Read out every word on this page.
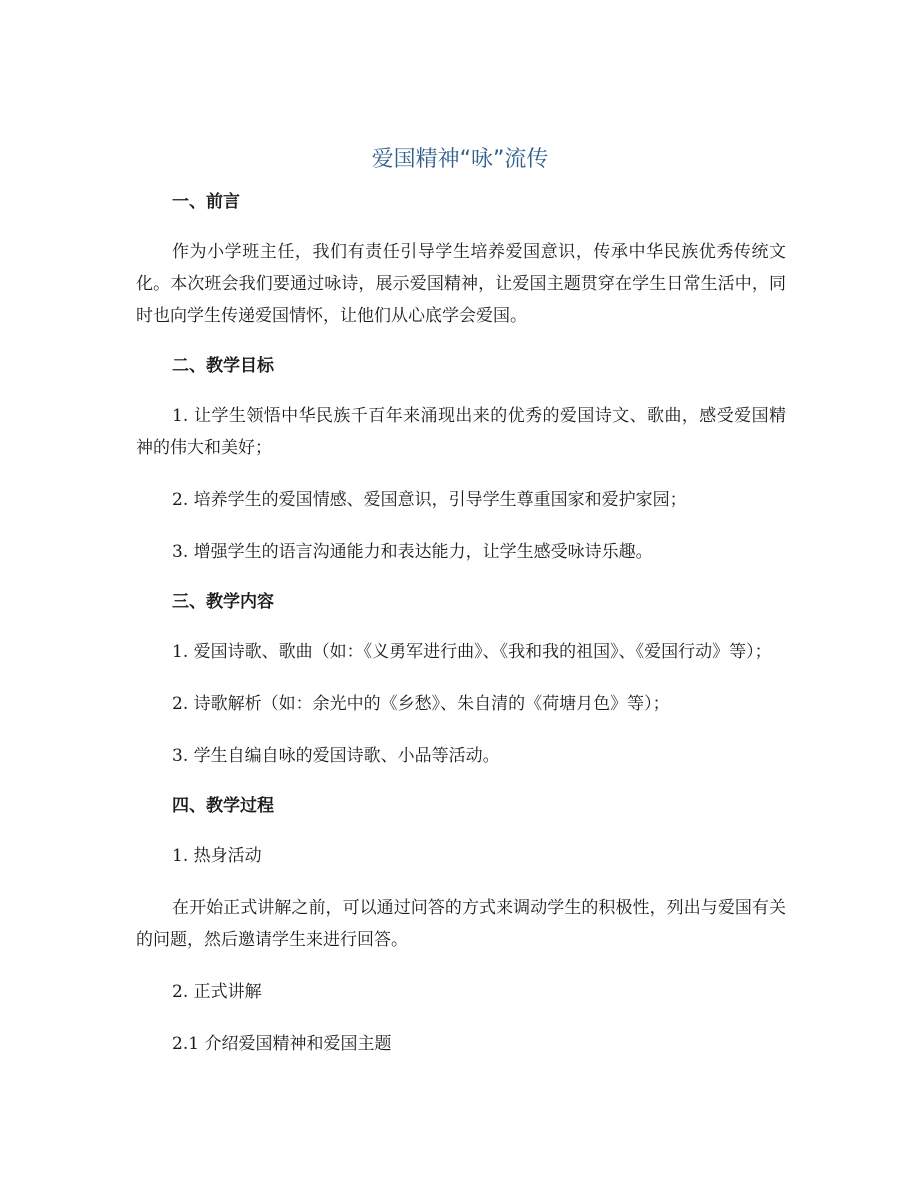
爱国精神“咏”流传

一、前言

作为小学班主任，我们有责任引导学生培养爱国意识，传承中华民族优秀传统文化。本次班会我们要通过咏诗，展示爱国精神，让爱国主题贯穿在学生日常生活中，同时也向学生传递爱国情怀，让他们从心底学会爱国。

二、教学目标

1. 让学生领悟中华民族千百年来涌现出来的优秀的爱国诗文、歌曲，感受爱国精神的伟大和美好；

2. 培养学生的爱国情感、爱国意识，引导学生尊重国家和爱护家园；

3. 增强学生的语言沟通能力和表达能力，让学生感受咏诗乐趣。

三、教学内容

1. 爱国诗歌、歌曲（如：《义勇军进行曲》、《我和我的祖国》、《爱国行动》等）；

2. 诗歌解析（如：余光中的《乡愁》、朱自清的《荷塘月色》等）；

3. 学生自编自咏的爱国诗歌、小品等活动。

四、教学过程

1. 热身活动

在开始正式讲解之前，可以通过问答的方式来调动学生的积极性，列出与爱国有关的问题，然后邀请学生来进行回答。

2. 正式讲解

2.1 介绍爱国精神和爱国主题
